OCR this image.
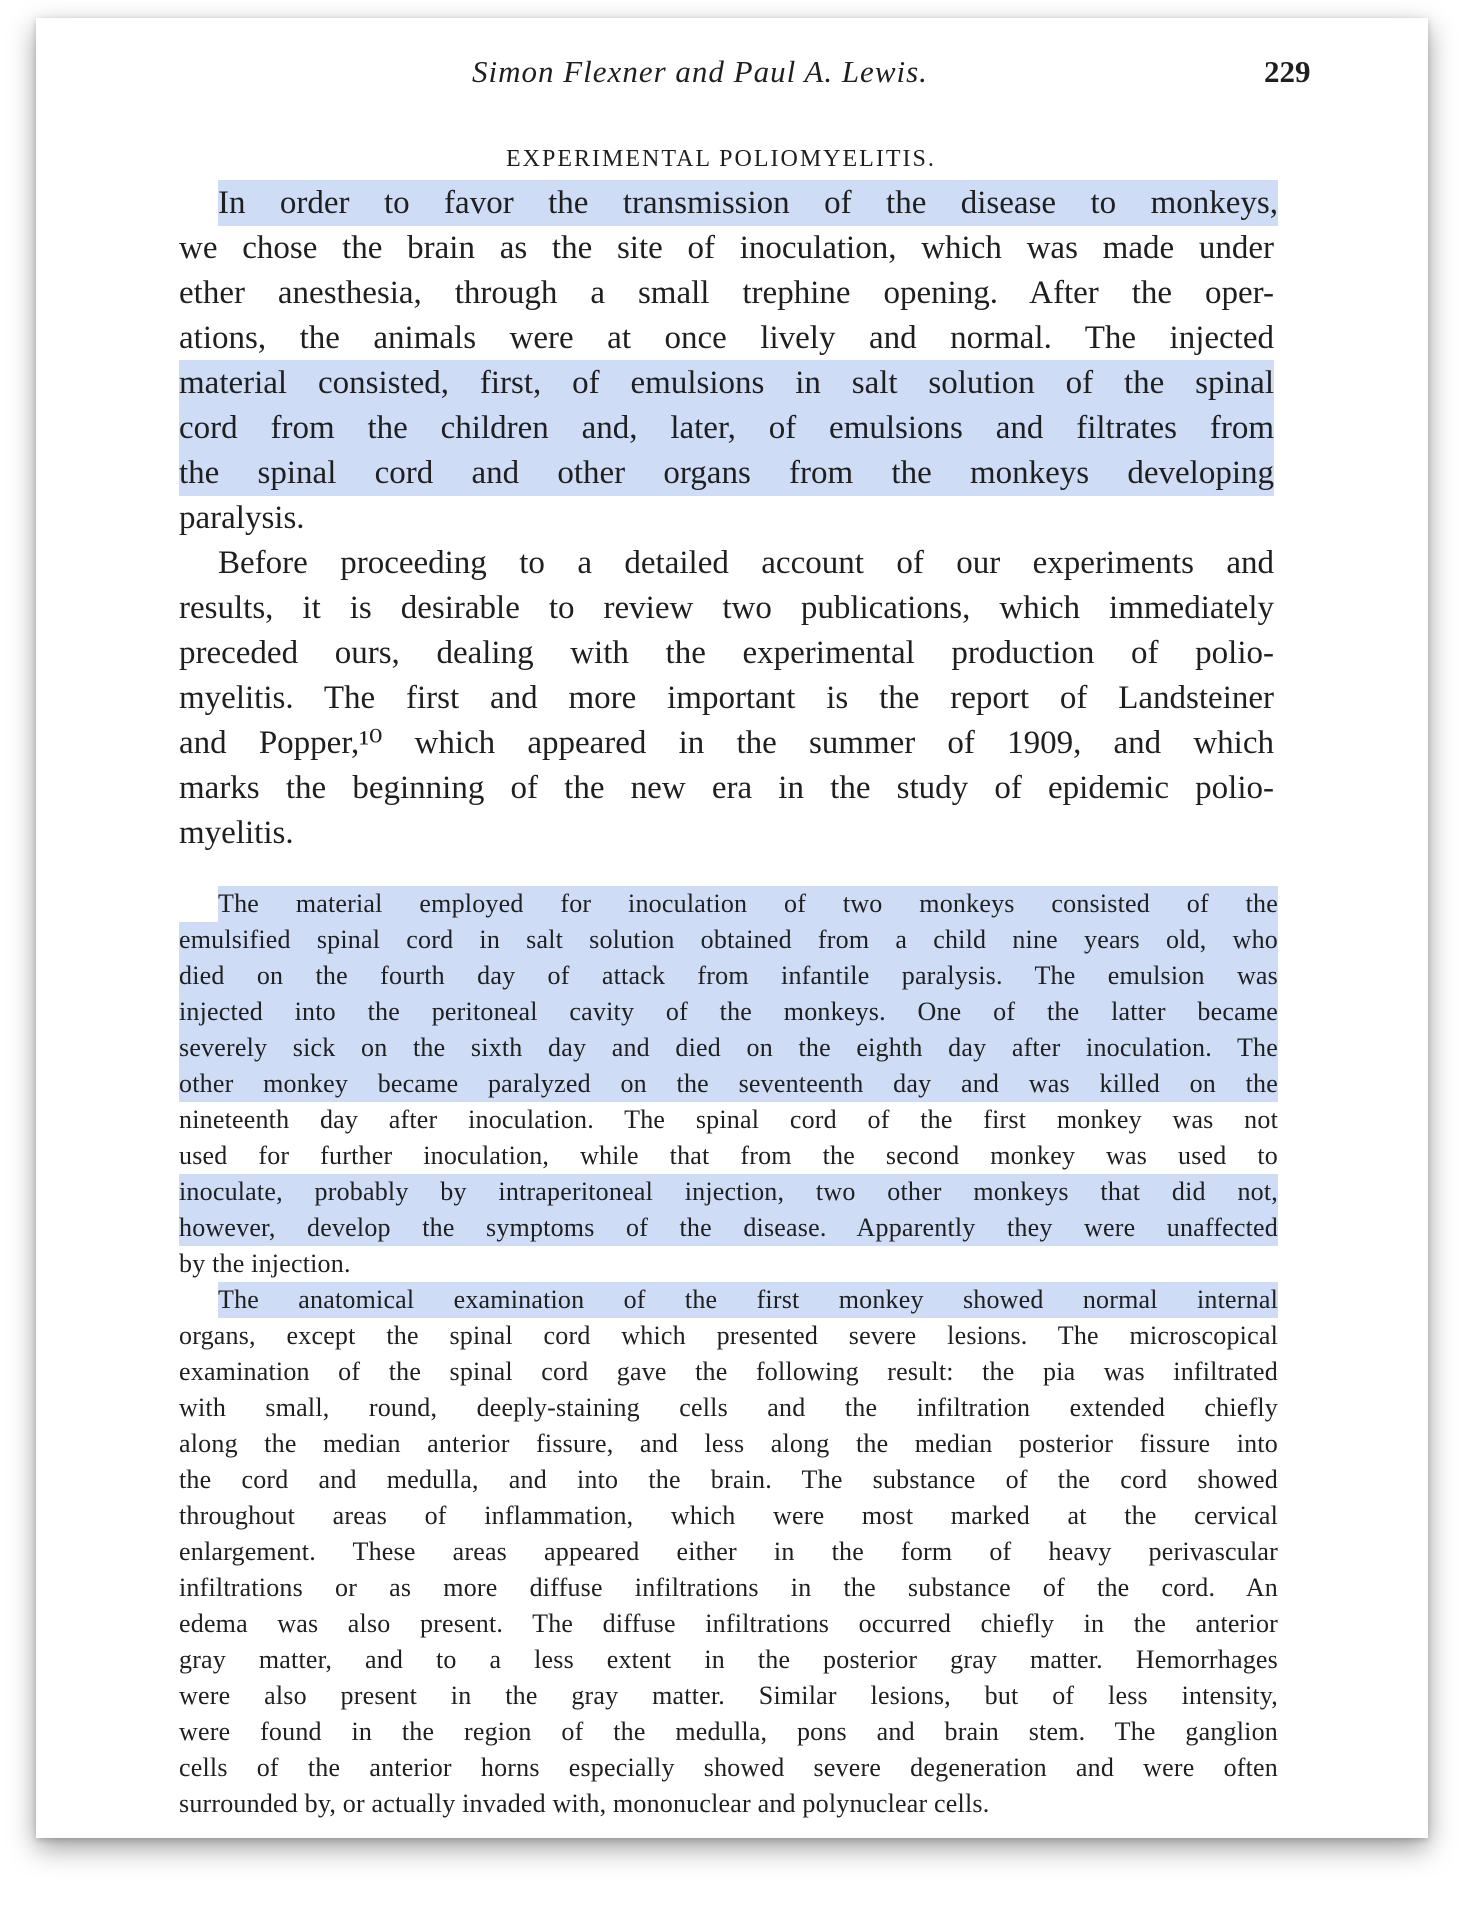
Simon Flexner and Paul A. Lewis.	229
EXPERIMENTAL POLIOMYELITIS.
In order to favor the transmission of the disease to monkeys,
we chose the brain as the site of inoculation, which was made under
ether anesthesia, through a small trephine opening. After the oper-
ations, the animals were at once lively and normal. The injected
material consisted, first, of emulsions in salt solution of the spinal
cord from the children and, later, of emulsions and filtrates from
the spinal cord and other organs from the monkeys developing
paralysis.
Before proceeding to a detailed account of our experiments and
results, it is desirable to review two publications, which immediately
preceded ours, dealing with the experimental production of polio-
myelitis. The first and more important is the report of Landsteiner
and Popper,¹⁰ which appeared in the summer of 1909, and which
marks the beginning of the new era in the study of epidemic polio-
myelitis.
The material employed for inoculation of two monkeys consisted of the
emulsified spinal cord in salt solution obtained from a child nine years old, who
died on the fourth day of attack from infantile paralysis. The emulsion was
injected into the peritoneal cavity of the monkeys. One of the latter became
severely sick on the sixth day and died on the eighth day after inoculation. The
other monkey became paralyzed on the seventeenth day and was killed on the
nineteenth day after inoculation. The spinal cord of the first monkey was not
used for further inoculation, while that from the second monkey was used to
inoculate, probably by intraperitoneal injection, two other monkeys that did not,
however, develop the symptoms of the disease. Apparently they were unaffected
by the injection.
The anatomical examination of the first monkey showed normal internal
organs, except the spinal cord which presented severe lesions. The microscopical
examination of the spinal cord gave the following result: the pia was infiltrated
with small, round, deeply-staining cells and the infiltration extended chiefly
along the median anterior fissure, and less along the median posterior fissure into
the cord and medulla, and into the brain. The substance of the cord showed
throughout areas of inflammation, which were most marked at the cervical
enlargement. These areas appeared either in the form of heavy perivascular
infiltrations or as more diffuse infiltrations in the substance of the cord. An
edema was also present. The diffuse infiltrations occurred chiefly in the anterior
gray matter, and to a less extent in the posterior gray matter. Hemorrhages
were also present in the gray matter. Similar lesions, but of less intensity,
were found in the region of the medulla, pons and brain stem. The ganglion
cells of the anterior horns especially showed severe degeneration and were often
surrounded by, or actually invaded with, mononuclear and polynuclear cells.
